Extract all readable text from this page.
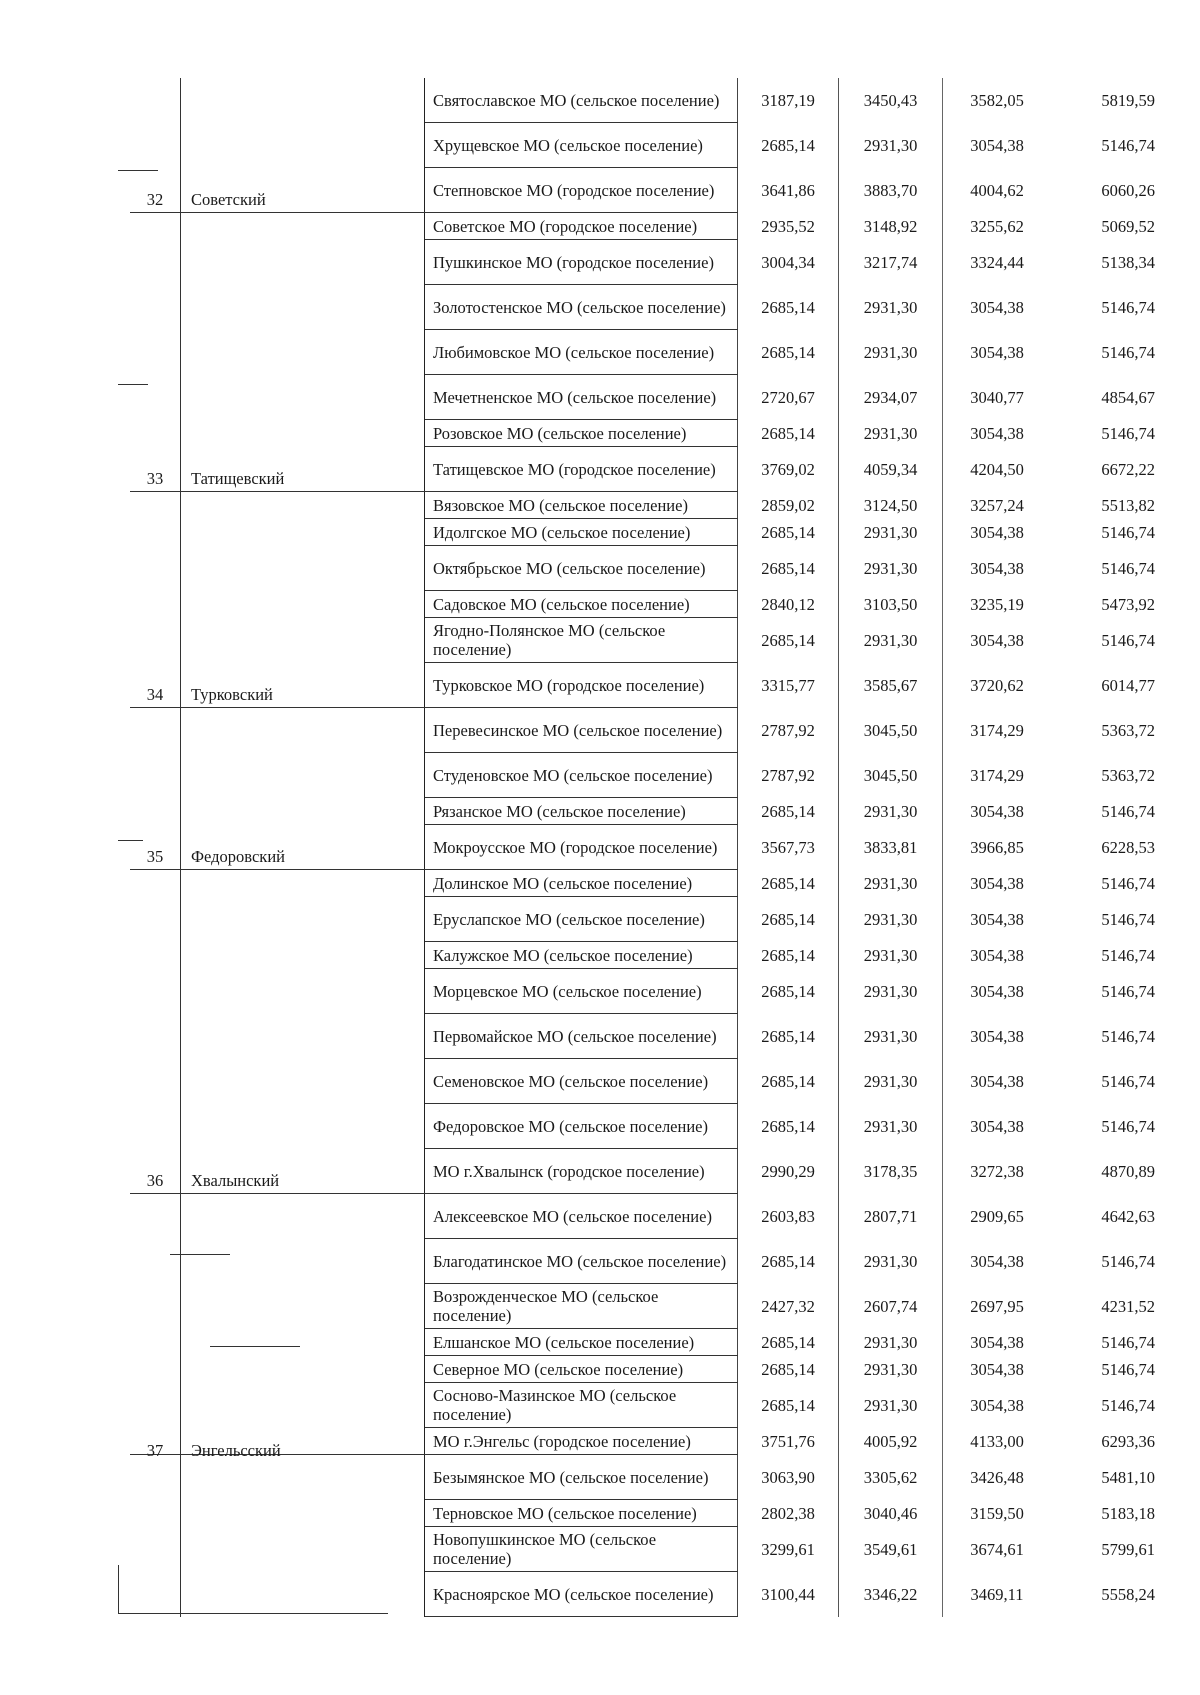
		Святославское МО (сельское поселение)	3187,19	3450,43	3582,05	5819,59
		Хрущевское МО (сельское поселение)	2685,14	2931,30	3054,38	5146,74
32	Советский	Степновское МО (городское поселение)	3641,86	3883,70	4004,62	6060,26
		Советское МО (городское поселение)	2935,52	3148,92	3255,62	5069,52
		Пушкинское МО (городское поселение)	3004,34	3217,74	3324,44	5138,34
		Золотостенское МО (сельское поселение)	2685,14	2931,30	3054,38	5146,74
		Любимовское МО (сельское поселение)	2685,14	2931,30	3054,38	5146,74
		Мечетненское МО (сельское поселение)	2720,67	2934,07	3040,77	4854,67
		Розовское МО (сельское поселение)	2685,14	2931,30	3054,38	5146,74
33	Татищевский	Татищевское МО (городское поселение)	3769,02	4059,34	4204,50	6672,22
		Вязовское МО (сельское поселение)	2859,02	3124,50	3257,24	5513,82
		Идолгское МО (сельское поселение)	2685,14	2931,30	3054,38	5146,74
		Октябрьское МО (сельское поселение)	2685,14	2931,30	3054,38	5146,74
		Садовское МО (сельское поселение)	2840,12	3103,50	3235,19	5473,92
		Ягодно-Полянское МО (сельское поселение)	2685,14	2931,30	3054,38	5146,74
34	Турковский	Турковское МО (городское поселение)	3315,77	3585,67	3720,62	6014,77
		Перевесинское МО (сельское поселение)	2787,92	3045,50	3174,29	5363,72
		Студеновское МО (сельское поселение)	2787,92	3045,50	3174,29	5363,72
		Рязанское МО (сельское поселение)	2685,14	2931,30	3054,38	5146,74
35	Федоровский	Мокроусское МО (городское поселение)	3567,73	3833,81	3966,85	6228,53
		Долинское МО (сельское поселение)	2685,14	2931,30	3054,38	5146,74
		Еруслапское МО (сельское поселение)	2685,14	2931,30	3054,38	5146,74
		Калужское МО (сельское поселение)	2685,14	2931,30	3054,38	5146,74
		Морцевское МО (сельское поселение)	2685,14	2931,30	3054,38	5146,74
		Первомайское МО (сельское поселение)	2685,14	2931,30	3054,38	5146,74
		Семеновское МО (сельское поселение)	2685,14	2931,30	3054,38	5146,74
		Федоровское МО (сельское поселение)	2685,14	2931,30	3054,38	5146,74
36	Хвалынский	МО г.Хвалынск (городское поселение)	2990,29	3178,35	3272,38	4870,89
		Алексеевское МО (сельское поселение)	2603,83	2807,71	2909,65	4642,63
		Благодатинское МО (сельское поселение)	2685,14	2931,30	3054,38	5146,74
		Возрожденческое МО (сельское поселение)	2427,32	2607,74	2697,95	4231,52
		Елшанское МО (сельское поселение)	2685,14	2931,30	3054,38	5146,74
		Северное МО (сельское поселение)	2685,14	2931,30	3054,38	5146,74
		Сосново-Мазинское МО (сельское поселение)	2685,14	2931,30	3054,38	5146,74
37	Энгельсский	МО г.Энгельс (городское поселение)	3751,76	4005,92	4133,00	6293,36
		Безымянское МО (сельское поселение)	3063,90	3305,62	3426,48	5481,10
		Терновское МО (сельское поселение)	2802,38	3040,46	3159,50	5183,18
		Новопушкинское МО (сельское поселение)	3299,61	3549,61	3674,61	5799,61
		Красноярское МО (сельское поселение)	3100,44	3346,22	3469,11	5558,24
